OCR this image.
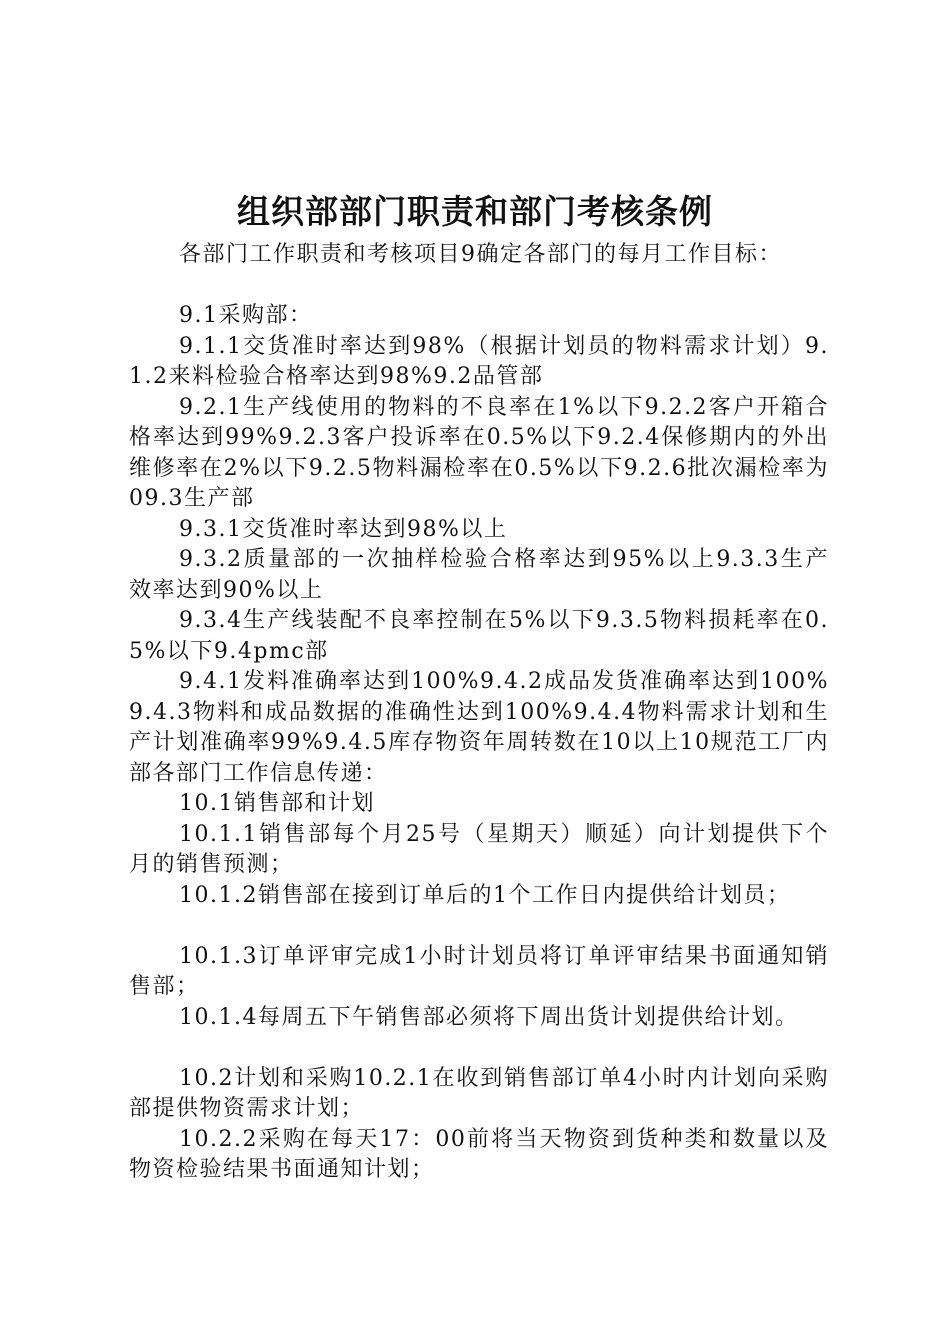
组织部部门职责和部门考核条例

各部门工作职责和考核项目9确定各部门的每月工作目标：

9.1采购部：

9.1.1交货准时率达到98%（根据计划员的物料需求计划）9.1.2来料检验合格率达到98%9.2品管部

9.2.1生产线使用的物料的不良率在1%以下9.2.2客户开箱合格率达到99%9.2.3客户投诉率在0.5%以下9.2.4保修期内的外出维修率在2%以下9.2.5物料漏检率在0.5%以下9.2.6批次漏检率为09.3生产部

9.3.1交货准时率达到98%以上

9.3.2质量部的一次抽样检验合格率达到95%以上9.3.3生产效率达到90%以上

9.3.4生产线装配不良率控制在5%以下9.3.5物料损耗率在0.5%以下9.4pmc部

9.4.1发料准确率达到100%9.4.2成品发货准确率达到100%9.4.3物料和成品数据的准确性达到100%9.4.4物料需求计划和生产计划准确率99%9.4.5库存物资年周转数在10以上10规范工厂内部各部门工作信息传递：

10.1销售部和计划

10.1.1销售部每个月25号（星期天）顺延）向计划提供下个月的销售预测；

10.1.2销售部在接到订单后的1个工作日内提供给计划员；

10.1.3订单评审完成1小时计划员将订单评审结果书面通知销售部；

10.1.4每周五下午销售部必须将下周出货计划提供给计划。

10.2计划和采购10.2.1在收到销售部订单4小时内计划向采购部提供物资需求计划；

10.2.2采购在每天17：00前将当天物资到货种类和数量以及物资检验结果书面通知计划；
